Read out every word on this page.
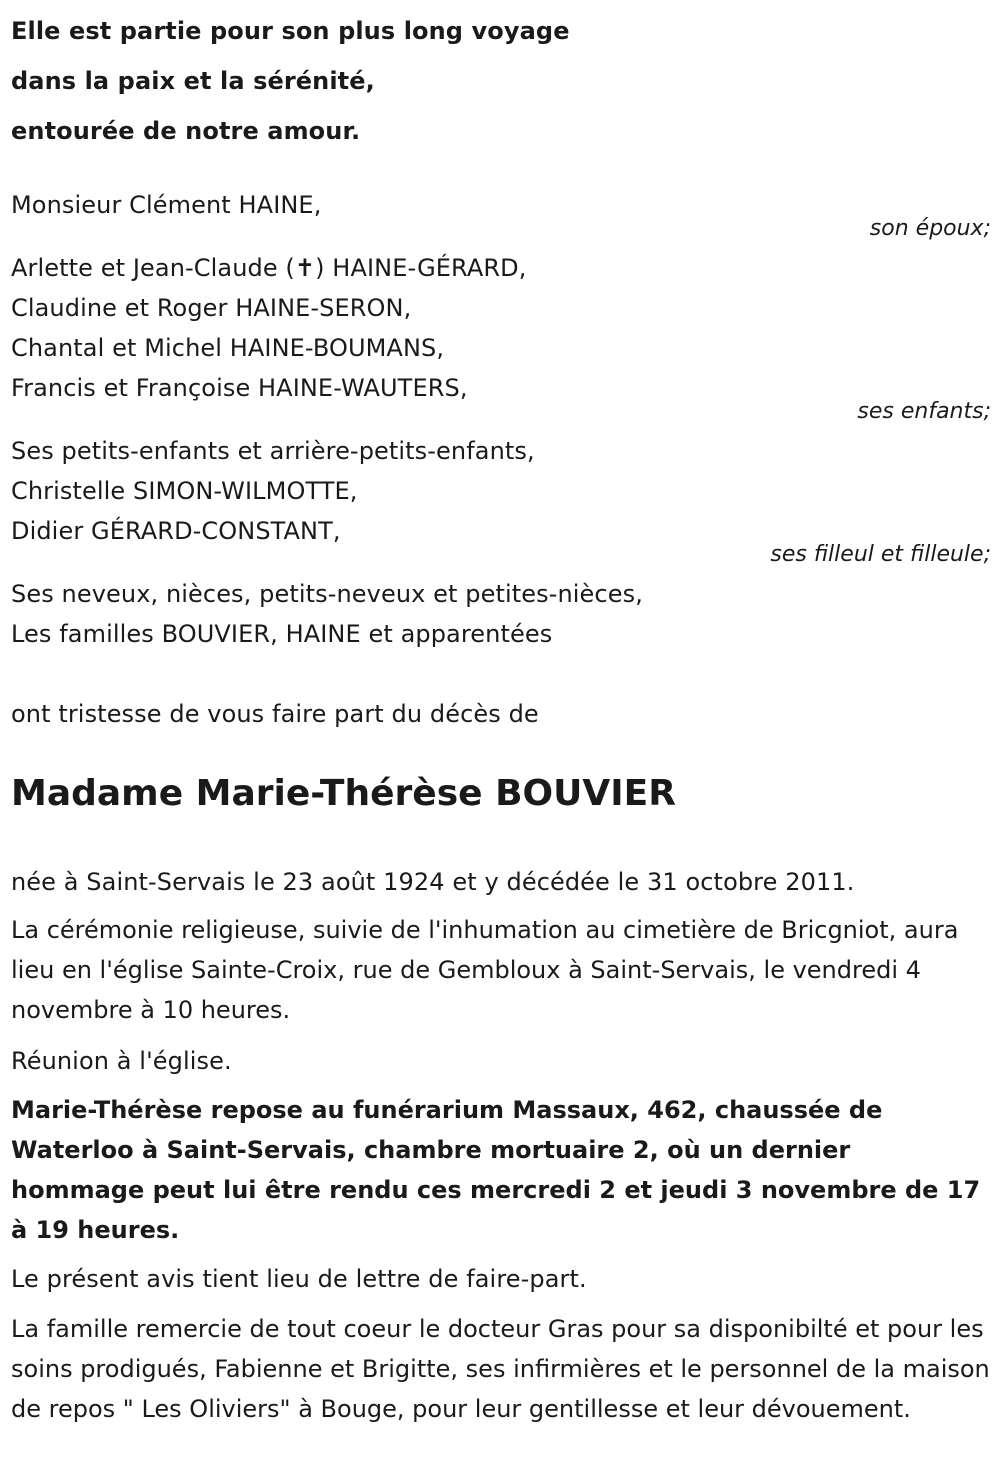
Elle est partie pour son plus long voyage
dans la paix et la sérénité,
entourée de notre amour.
Monsieur Clément HAINE,
son époux;
Arlette et Jean-Claude (✝) HAINE-GÉRARD,
Claudine et Roger HAINE-SERON,
Chantal et Michel HAINE-BOUMANS,
Francis et Françoise HAINE-WAUTERS,
ses enfants;
Ses petits-enfants et arrière-petits-enfants,
Christelle SIMON-WILMOTTE,
Didier GÉRARD-CONSTANT,
ses filleul et filleule;
Ses neveux, nièces, petits-neveux et petites-nièces,
Les familles BOUVIER, HAINE et apparentées
ont tristesse de vous faire part du décès de
Madame Marie-Thérèse BOUVIER
née à Saint-Servais le 23 août 1924 et y décédée le 31 octobre 2011.
La cérémonie religieuse, suivie de l'inhumation au cimetière de Bricgniot, aura lieu en l'église Sainte-Croix, rue de Gembloux à Saint-Servais, le vendredi 4 novembre à 10 heures.
Réunion à l'église.
Marie-Thérèse repose au funérarium Massaux, 462, chaussée de Waterloo à Saint-Servais, chambre mortuaire 2, où un dernier hommage peut lui être rendu ces mercredi 2 et jeudi 3 novembre de 17 à 19 heures.
Le présent avis tient lieu de lettre de faire-part.
La famille remercie de tout coeur le docteur Gras pour sa disponibilté et pour les soins prodigués, Fabienne et Brigitte, ses infirmières et le personnel de la maison de repos " Les Oliviers" à Bouge, pour leur gentillesse et leur dévouement.
